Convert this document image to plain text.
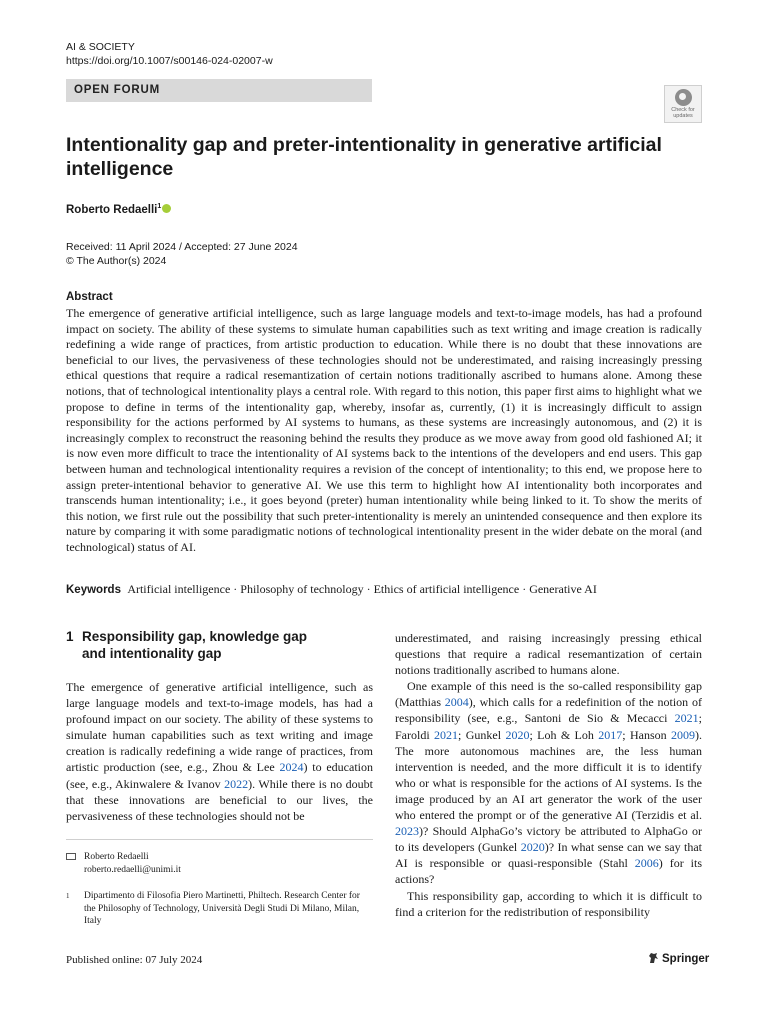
AI & SOCIETY
https://doi.org/10.1007/s00146-024-02007-w
OPEN FORUM
Check for
updates
Intentionality gap and preter-intentionality in generative artificial intelligence
Roberto Redaelli$^1$
Received: 11 April 2024 / Accepted: 27 June 2024
© The Author(s) 2024
Abstract
The emergence of generative artificial intelligence, such as large language models and text-to-image models, has had a profound impact on society. The ability of these systems to simulate human capabilities such as text writing and image creation is radically redefining a wide range of practices, from artistic production to education. While there is no doubt that these innovations are beneficial to our lives, the pervasiveness of these technologies should not be underestimated, and raising increasingly pressing ethical questions that require a radical resemantization of certain notions traditionally ascribed to humans alone. Among these notions, that of technological intentionality plays a central role. With regard to this notion, this paper first aims to highlight what we propose to define in terms of the intentionality gap, whereby, insofar as, currently, (1) it is increasingly difficult to assign responsibility for the actions performed by AI systems to humans, as these systems are increasingly autonomous, and (2) it is increasingly complex to reconstruct the reasoning behind the results they produce as we move away from good old fashioned AI; it is now even more difficult to trace the intentionality of AI systems back to the intentions of the developers and end users. This gap between human and technological intentionality requires a revision of the concept of intentionality; to this end, we propose here to assign preter-intentional behavior to generative AI. We use this term to highlight how AI intentionality both incorporates and transcends human intentionality; i.e., it goes beyond (preter) human intentionality while being linked to it. To show the merits of this notion, we first rule out the possibility that such preter-intentionality is merely an unintended consequence and then explore its nature by comparing it with some paradigmatic notions of technological intentionality present in the wider debate on the moral (and technological) status of AI.
Keywords Artificial intelligence · Philosophy of technology · Ethics of artificial intelligence · Generative AI
1 Responsibility gap, knowledge gap
and intentionality gap

The emergence of generative artificial intelligence, such as large language models and text-to-image models, has had a profound impact on our society. The ability of these systems to simulate human capabilities such as text writing and image creation is radically redefining a wide range of practices, from artistic production (see, e.g., Zhou & Lee 2024) to education (see, e.g., Akinwalere & Ivanov 2022). While there is no doubt that these innovations are beneficial to our lives, the pervasiveness of these technologies should not be

underestimated, and raising increasingly pressing ethical questions that require a radical resemantization of certain notions traditionally ascribed to humans alone.

One example of this need is the so-called responsibility gap (Matthias 2004), which calls for a redefinition of the notion of responsibility (see, e.g., Santoni de Sio & Mecacci 2021; Faroldi 2021; Gunkel 2020; Loh & Loh 2017; Hanson 2009). The more autonomous machines are, the less human intervention is needed, and the more difficult it is to identify who or what is responsible for the actions of AI systems. Is the image produced by an AI art generator the work of the user who entered the prompt or of the generative AI (Terzidis et al. 2023)? Should AlphaGo’s victory be attributed to AlphaGo or to its developers (Gunkel 2020)? In what sense can we say that AI is responsible or quasi-responsible (Stahl 2006) for its actions?

This responsibility gap, according to which it is difficult to find a criterion for the redistribution of responsibility

Roberto Redaelli
roberto.redaelli@unimi.it
1 Dipartimento di Filosofia Piero Martinetti, Philtech. Research Center for the Philosophy of Technology, Università Degli Studi Di Milano, Milan, Italy
Published online: 07 July 2024	Springer
